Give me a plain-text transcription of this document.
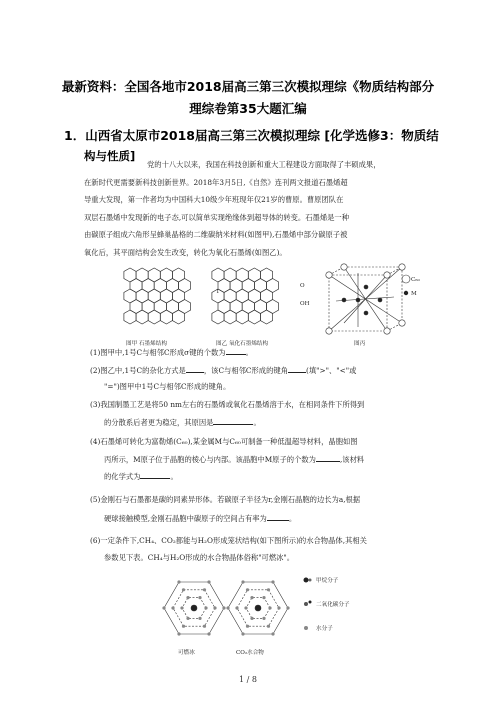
最新资料：全国各地市2018届高三第三次模拟理综《物质结构部分
理综卷第35大题汇编
1．山西省太原市2018届高三第三次模拟理综 [化学选修3：物质结
构与性质]
党的十八大以来，我国在科技创新和重大工程建设方面取得了丰硕成果，
在新时代更需要新科技创新世界。2018年3月5日,《自然》连刊两文报道石墨烯超
导重大发现，第一作者均为中国科大10级少年班现年仅21岁的曹原。曹原团队在
双层石墨烯中发现新的电子态,可以简单实现绝缘体到超导体的转变。石墨烯是一种
由碳原子组成六角形呈蜂巢晶格的二维碳纳米材料(如图甲),石墨烯中部分碳原子被
氧化后，其平面结构会发生改变，转化为氧化石墨烯(如图乙)。
C₆₀
M
1
OH
O
图甲 石墨烯结构	图乙 氧化石墨烯结构	图丙
(1)图甲中,1号C与相邻C形成σ键的个数为	。
(2)图乙中,1号C的杂化方式是 ，该C与相邻C形成的键角 (填">"、"<"或
"=")图甲中1号C与相邻C形成的键角。
(3)我国制墨工艺是将50 nm左右的石墨烯或氧化石墨烯溶于水，在相同条件下所得到
的分散系后者更为稳定，其原因是	。
(4)石墨烯可转化为富勒烯(C₆₀),某金属M与C₆₀可制备一种低温超导材料，晶胞如图
丙所示，M原子位于晶胞的棱心与内部。该晶胞中M原子的个数为	,该材料
的化学式为	。
(5)金刚石与石墨都是碳的同素异形体。若碳原子半径为r,金刚石晶胞的边长为a,根据
硬球接触模型,金刚石晶胞中碳原子的空间占有率为	。
(6)一定条件下,CH₄、CO₂都能与H₂O形成笼状结构(如下图所示)的水合物晶体,其相关
参数见下表。CH₄与H₂O形成的水合物晶体俗称"可燃冰"。
甲烷分子
二氧化碳分子
水分子
可燃冰	CO₂水合物
1 / 8
